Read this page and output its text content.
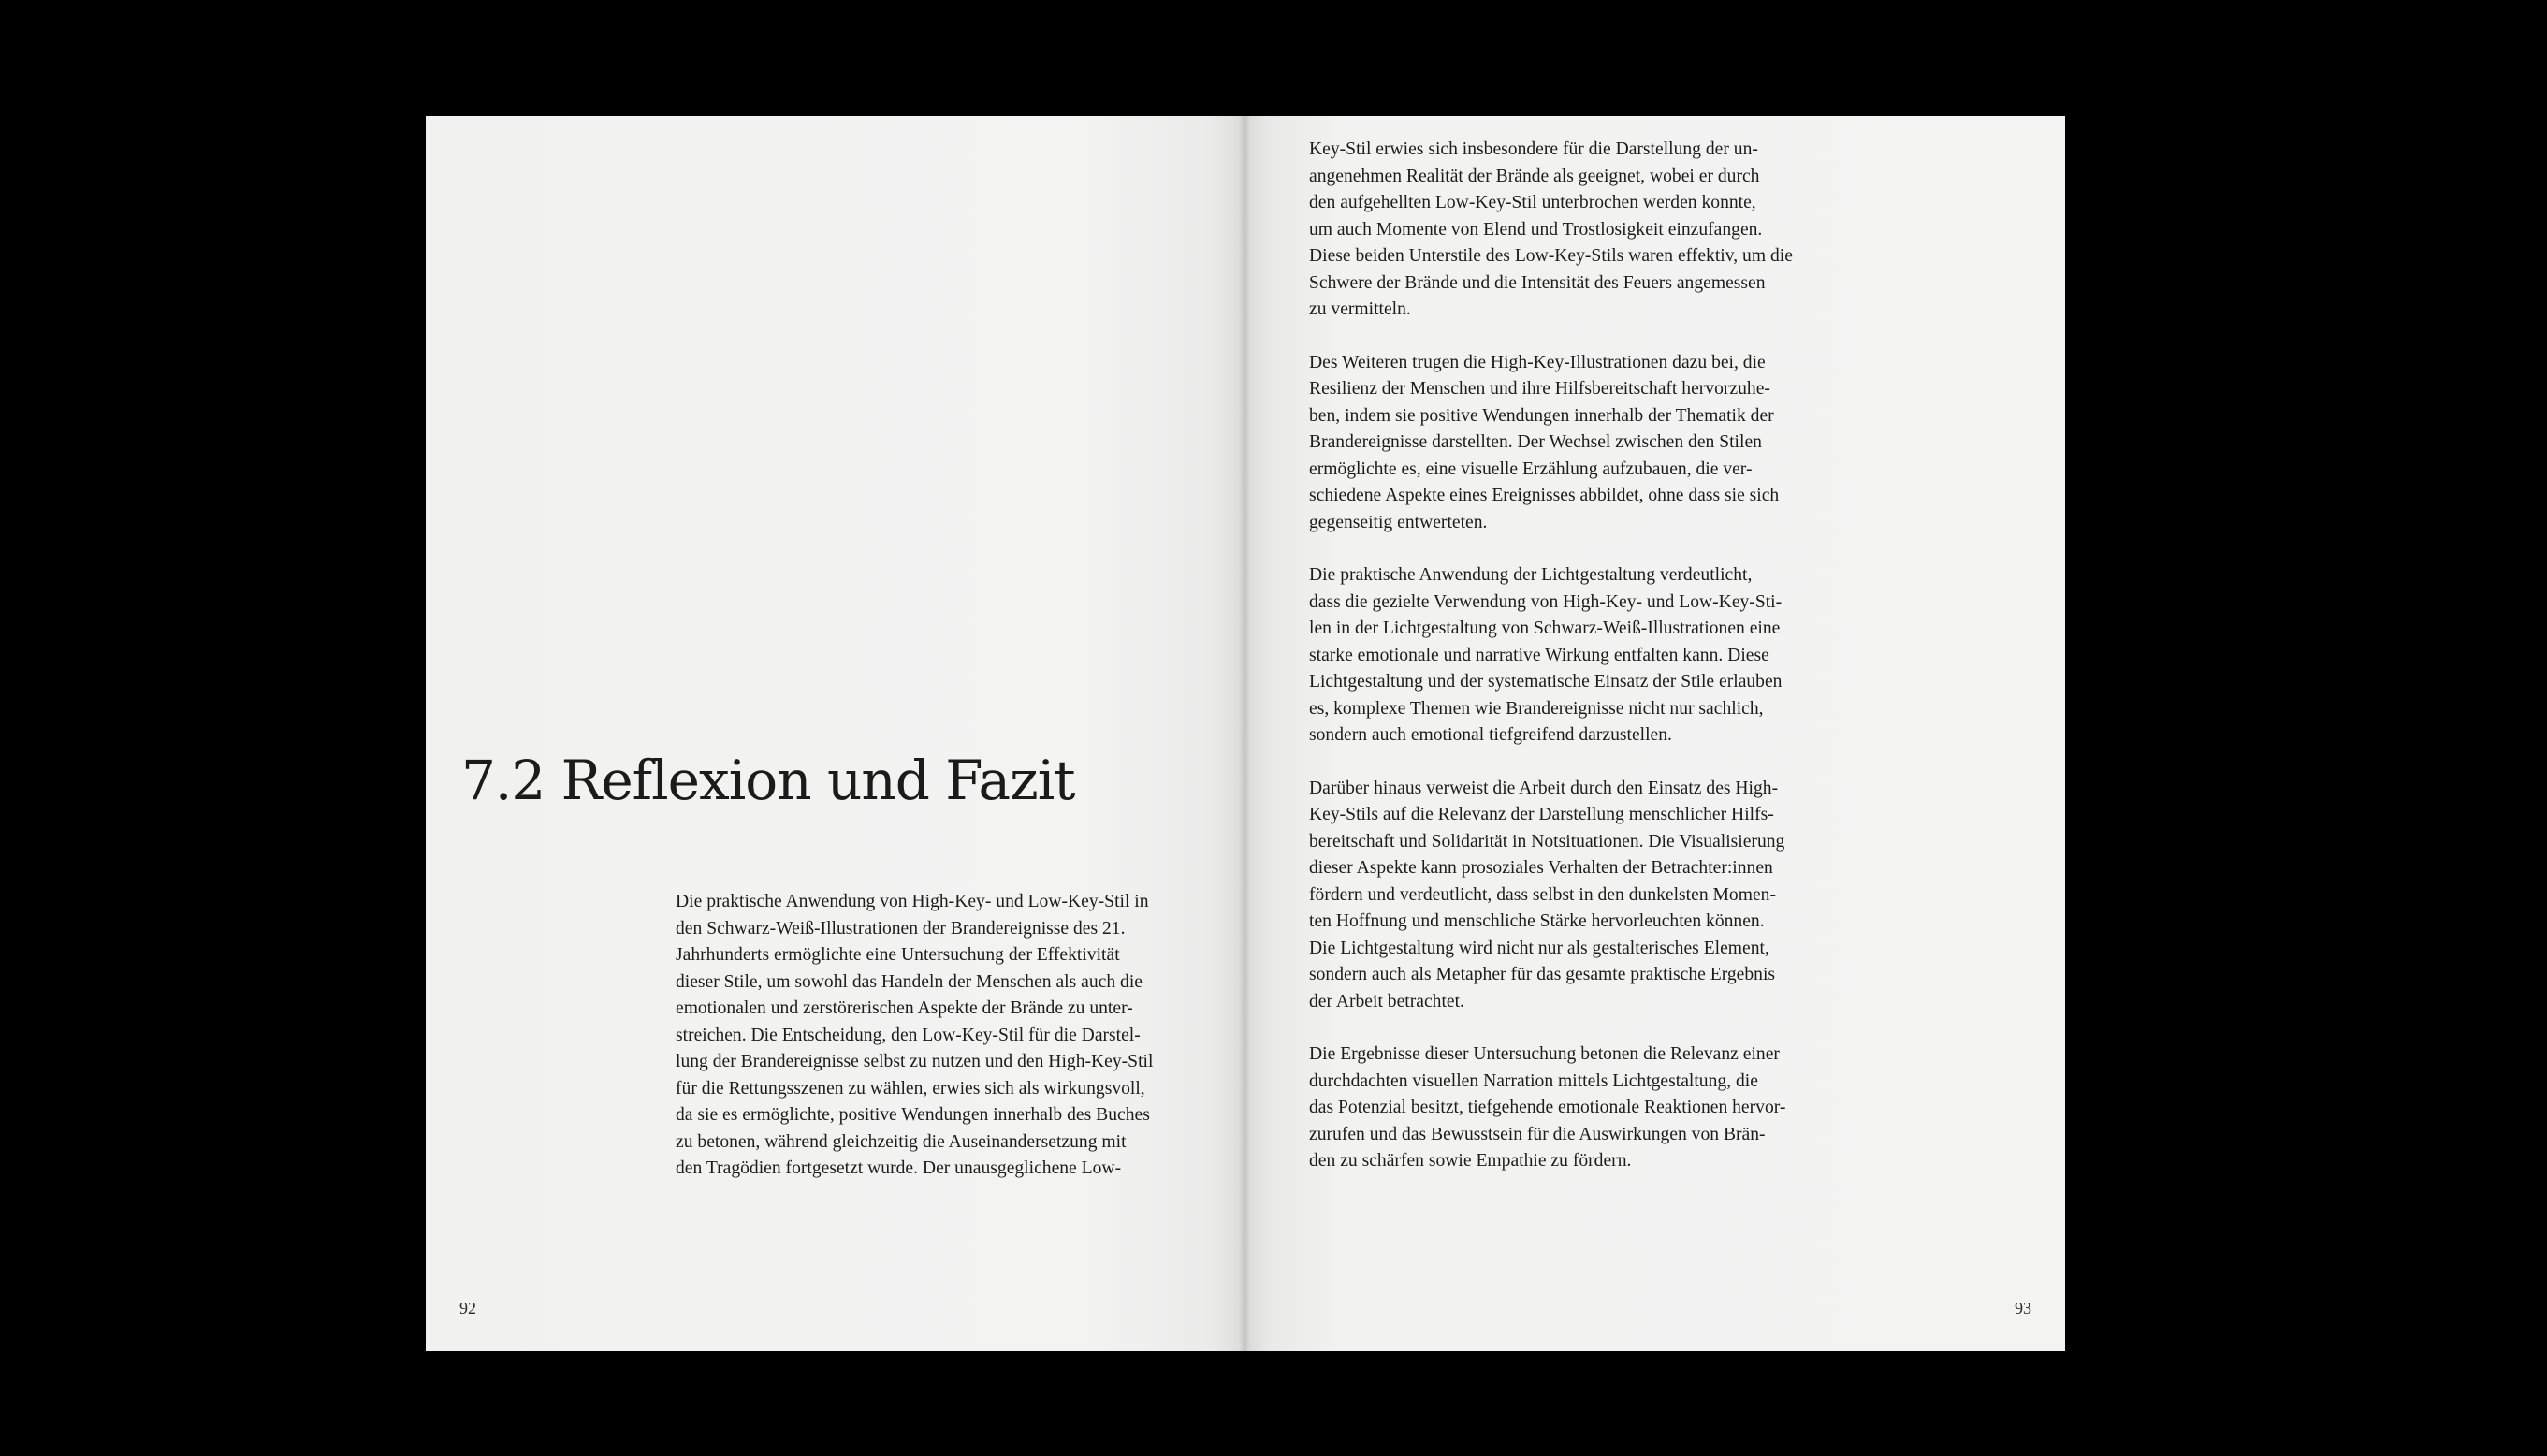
7.2 Reflexion und Fazit

Die praktische Anwendung von High-Key- und Low-Key-Stil in
den Schwarz-Weiß-Illustrationen der Brandereignisse des 21.
Jahrhunderts ermöglichte eine Untersuchung der Effektivität
dieser Stile, um sowohl das Handeln der Menschen als auch die
emotionalen und zerstörerischen Aspekte der Brände zu unter-
streichen. Die Entscheidung, den Low-Key-Stil für die Darstel-
lung der Brandereignisse selbst zu nutzen und den High-Key-Stil
für die Rettungsszenen zu wählen, erwies sich als wirkungsvoll,
da sie es ermöglichte, positive Wendungen innerhalb des Buches
zu betonen, während gleichzeitig die Auseinandersetzung mit
den Tragödien fortgesetzt wurde. Der unausgeglichene Low-

92

Key-Stil erwies sich insbesondere für die Darstellung der un-
angenehmen Realität der Brände als geeignet, wobei er durch
den aufgehellten Low-Key-Stil unterbrochen werden konnte,
um auch Momente von Elend und Trostlosigkeit einzufangen.
Diese beiden Unterstile des Low-Key-Stils waren effektiv, um die
Schwere der Brände und die Intensität des Feuers angemessen
zu vermitteln.

Des Weiteren trugen die High-Key-Illustrationen dazu bei, die
Resilienz der Menschen und ihre Hilfsbereitschaft hervorzuhe-
ben, indem sie positive Wendungen innerhalb der Thematik der
Brandereignisse darstellten. Der Wechsel zwischen den Stilen
ermöglichte es, eine visuelle Erzählung aufzubauen, die ver-
schiedene Aspekte eines Ereignisses abbildet, ohne dass sie sich
gegenseitig entwerteten.

Die praktische Anwendung der Lichtgestaltung verdeutlicht,
dass die gezielte Verwendung von High-Key- und Low-Key-Sti-
len in der Lichtgestaltung von Schwarz-Weiß-Illustrationen eine
starke emotionale und narrative Wirkung entfalten kann. Diese
Lichtgestaltung und der systematische Einsatz der Stile erlauben
es, komplexe Themen wie Brandereignisse nicht nur sachlich,
sondern auch emotional tiefgreifend darzustellen.

Darüber hinaus verweist die Arbeit durch den Einsatz des High-
Key-Stils auf die Relevanz der Darstellung menschlicher Hilfs-
bereitschaft und Solidarität in Notsituationen. Die Visualisierung
dieser Aspekte kann prosoziales Verhalten der Betrachter:innen
fördern und verdeutlicht, dass selbst in den dunkelsten Momen-
ten Hoffnung und menschliche Stärke hervorleuchten können.
Die Lichtgestaltung wird nicht nur als gestalterisches Element,
sondern auch als Metapher für das gesamte praktische Ergebnis
der Arbeit betrachtet.

Die Ergebnisse dieser Untersuchung betonen die Relevanz einer
durchdachten visuellen Narration mittels Lichtgestaltung, die
das Potenzial besitzt, tiefgehende emotionale Reaktionen hervor-
zurufen und das Bewusstsein für die Auswirkungen von Brän-
den zu schärfen sowie Empathie zu fördern.

93
